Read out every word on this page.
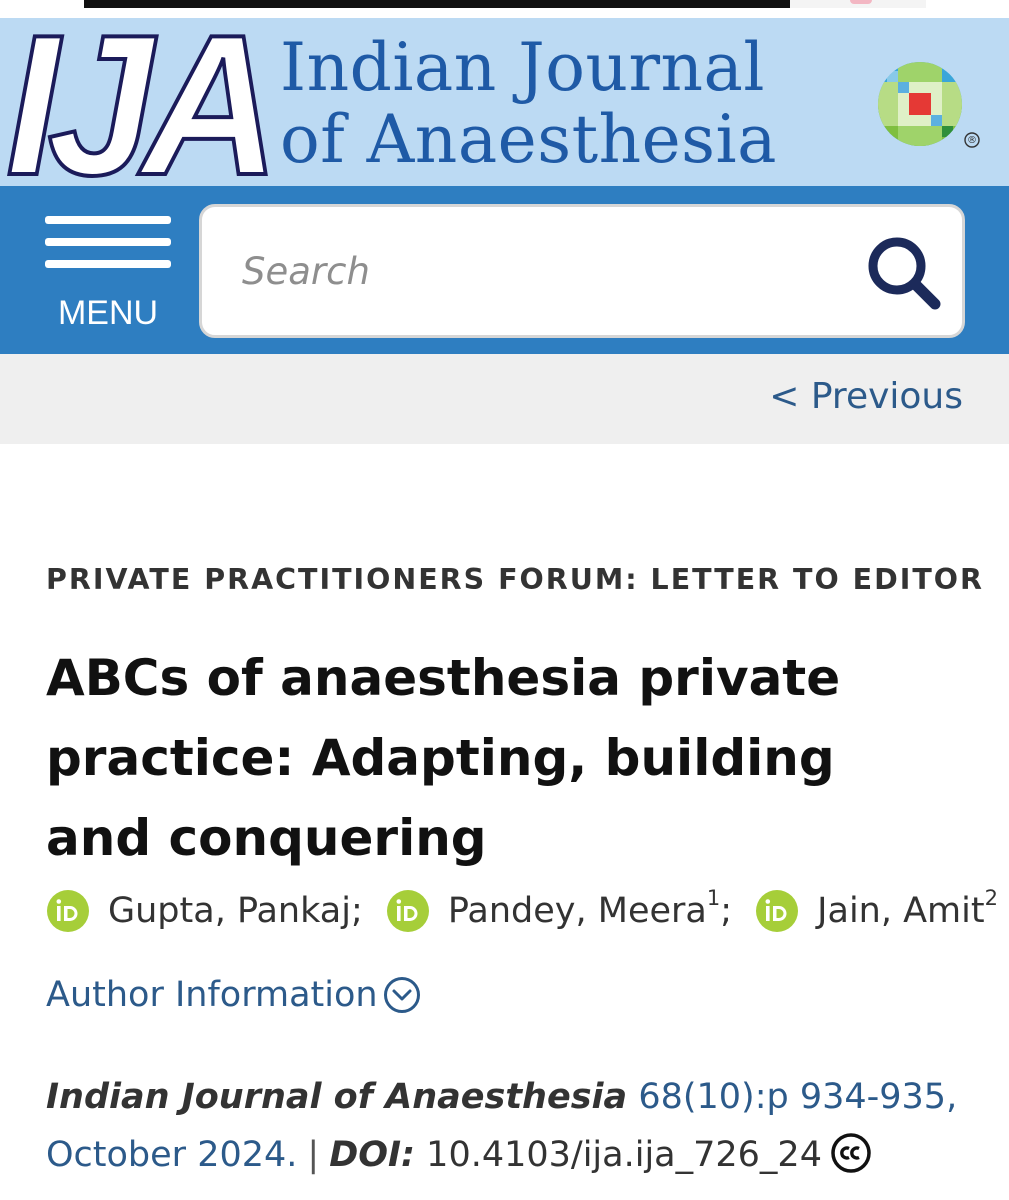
IJA Indian Journal
of Anaesthesia	®
MENU
Search
< Previous
PRIVATE PRACTITIONERS FORUM: LETTER TO EDITOR
ABCs of anaesthesia private practice: Adapting, building and conquering
Gupta, Pankaj ;
Pandey, Meera$^1$ ;
Jain, Amit$^2$
Author Information
Indian Journal of Anaesthesia 68(10):p 934-935,
October 2024. | DOI: 10.4103/ija.ija_726_24
